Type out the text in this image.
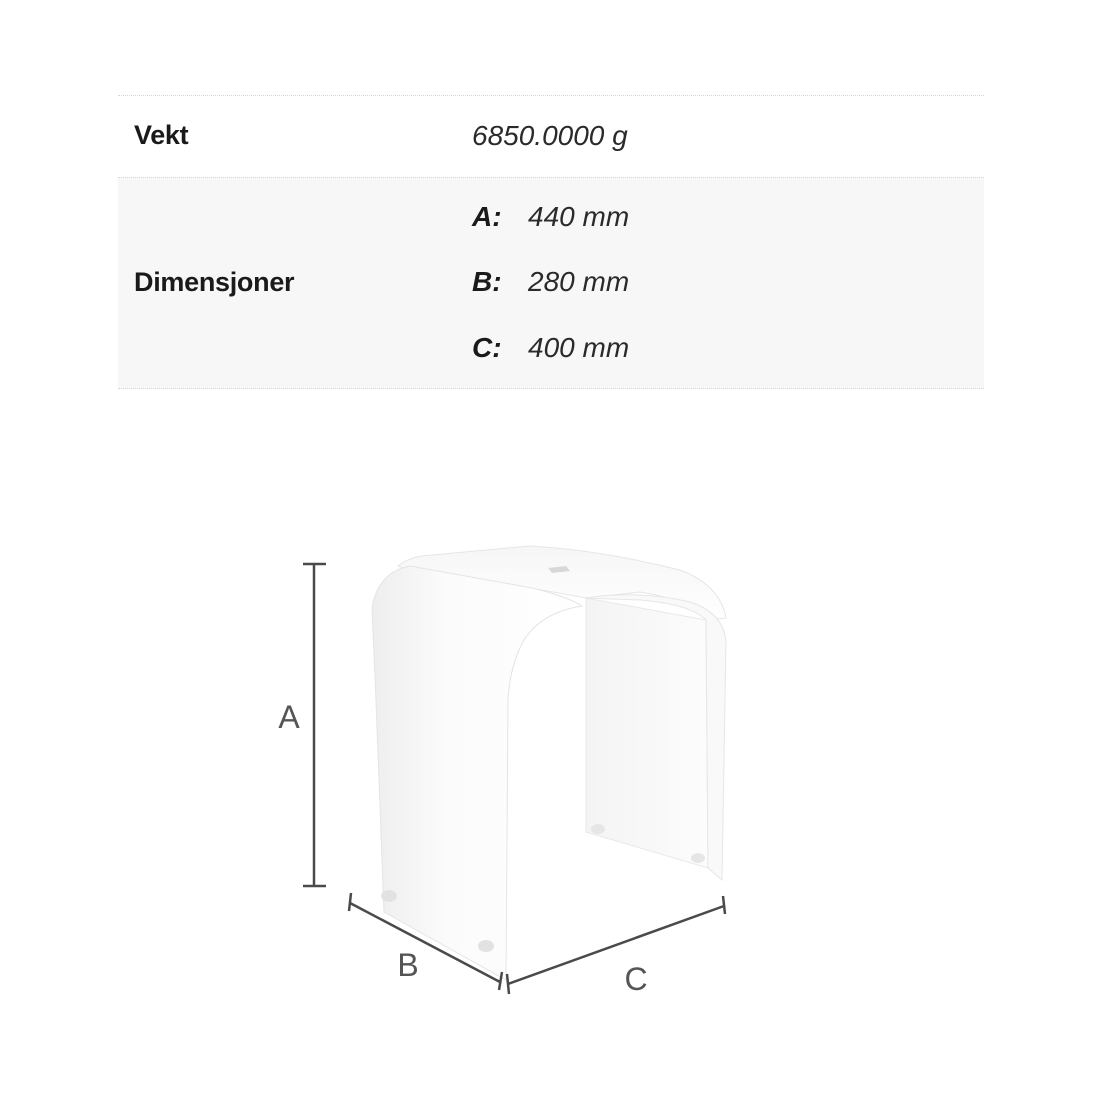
Vekt	6850.0000 g
Dimensjoner
A: 440 mm
B: 280 mm
C: 400 mm
A
B	C
